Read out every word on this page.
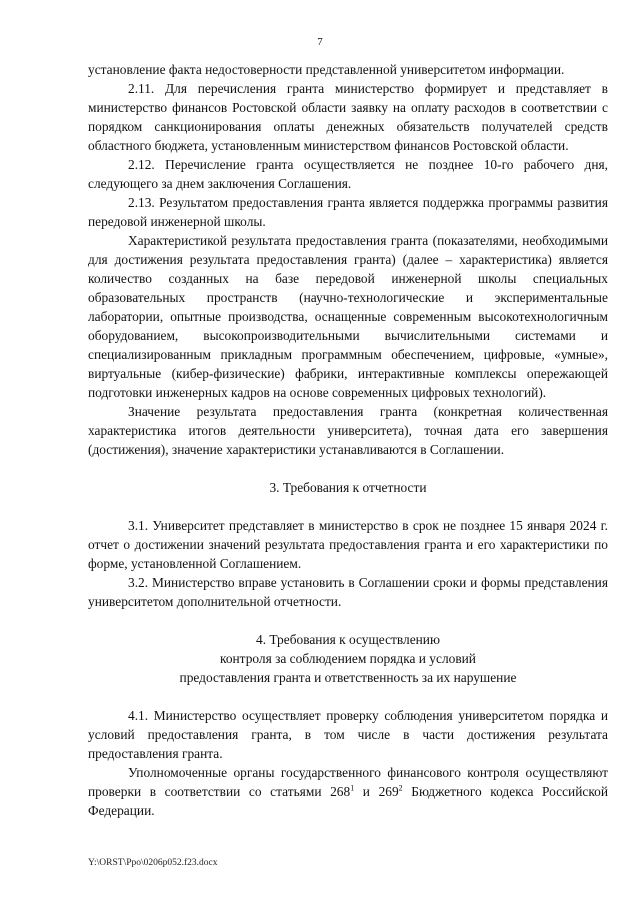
7

установление факта недостоверности представленной университетом информации.

2.11. Для перечисления гранта министерство формирует и представляет в министерство финансов Ростовской области заявку на оплату расходов в соответствии с порядком санкционирования оплаты денежных обязательств получателей средств областного бюджета, установленным министерством финансов Ростовской области.

2.12. Перечисление гранта осуществляется не позднее 10-го рабочего дня, следующего за днем заключения Соглашения.

2.13. Результатом предоставления гранта является поддержка программы развития передовой инженерной школы.

Характеристикой результата предоставления гранта (показателями, необходимыми для достижения результата предоставления гранта) (далее – характеристика) является количество созданных на базе передовой инженерной школы специальных образовательных пространств (научно-технологические и экспериментальные лаборатории, опытные производства, оснащенные современным высокотехнологичным оборудованием, высокопроизводительными вычислительными системами и специализированным прикладным программным обеспечением, цифровые, «умные», виртуальные (кибер-физические) фабрики, интерактивные комплексы опережающей подготовки инженерных кадров на основе современных цифровых технологий).

Значение результата предоставления гранта (конкретная количественная характеристика итогов деятельности университета), точная дата его завершения (достижения), значение характеристики устанавливаются в Соглашении.

3. Требования к отчетности

3.1. Университет представляет в министерство в срок не позднее 15 января 2024 г. отчет о достижении значений результата предоставления гранта и его характеристики по форме, установленной Соглашением.

3.2. Министерство вправе установить в Соглашении сроки и формы представления университетом дополнительной отчетности.

4. Требования к осуществлению

контроля за соблюдением порядка и условий

предоставления гранта и ответственность за их нарушение

4.1. Министерство осуществляет проверку соблюдения университетом порядка и условий предоставления гранта, в том числе в части достижения результата предоставления гранта.

Уполномоченные органы государственного финансового контроля осуществляют проверки в соответствии со статьями $268^1$ и $269^2$ Бюджетного кодекса Российской Федерации.

Y:\ORST\Ppo\0206p052.f23.docx
